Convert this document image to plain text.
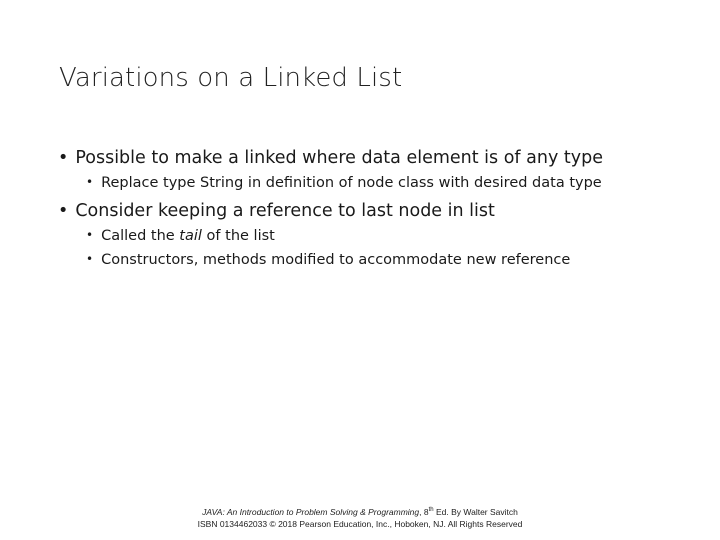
Variations on a Linked List
• Possible to make a linked where data element is of any type
• Replace type String in definition of node class with desired data type
• Consider keeping a reference to last node in list
• Called the tail of the list
• Constructors, methods modified to accommodate new reference
JAVA: An Introduction to Problem Solving & Programming, 8th Ed. By Walter Savitch
ISBN 0134462033 © 2018 Pearson Education, Inc., Hoboken, NJ. All Rights Reserved
